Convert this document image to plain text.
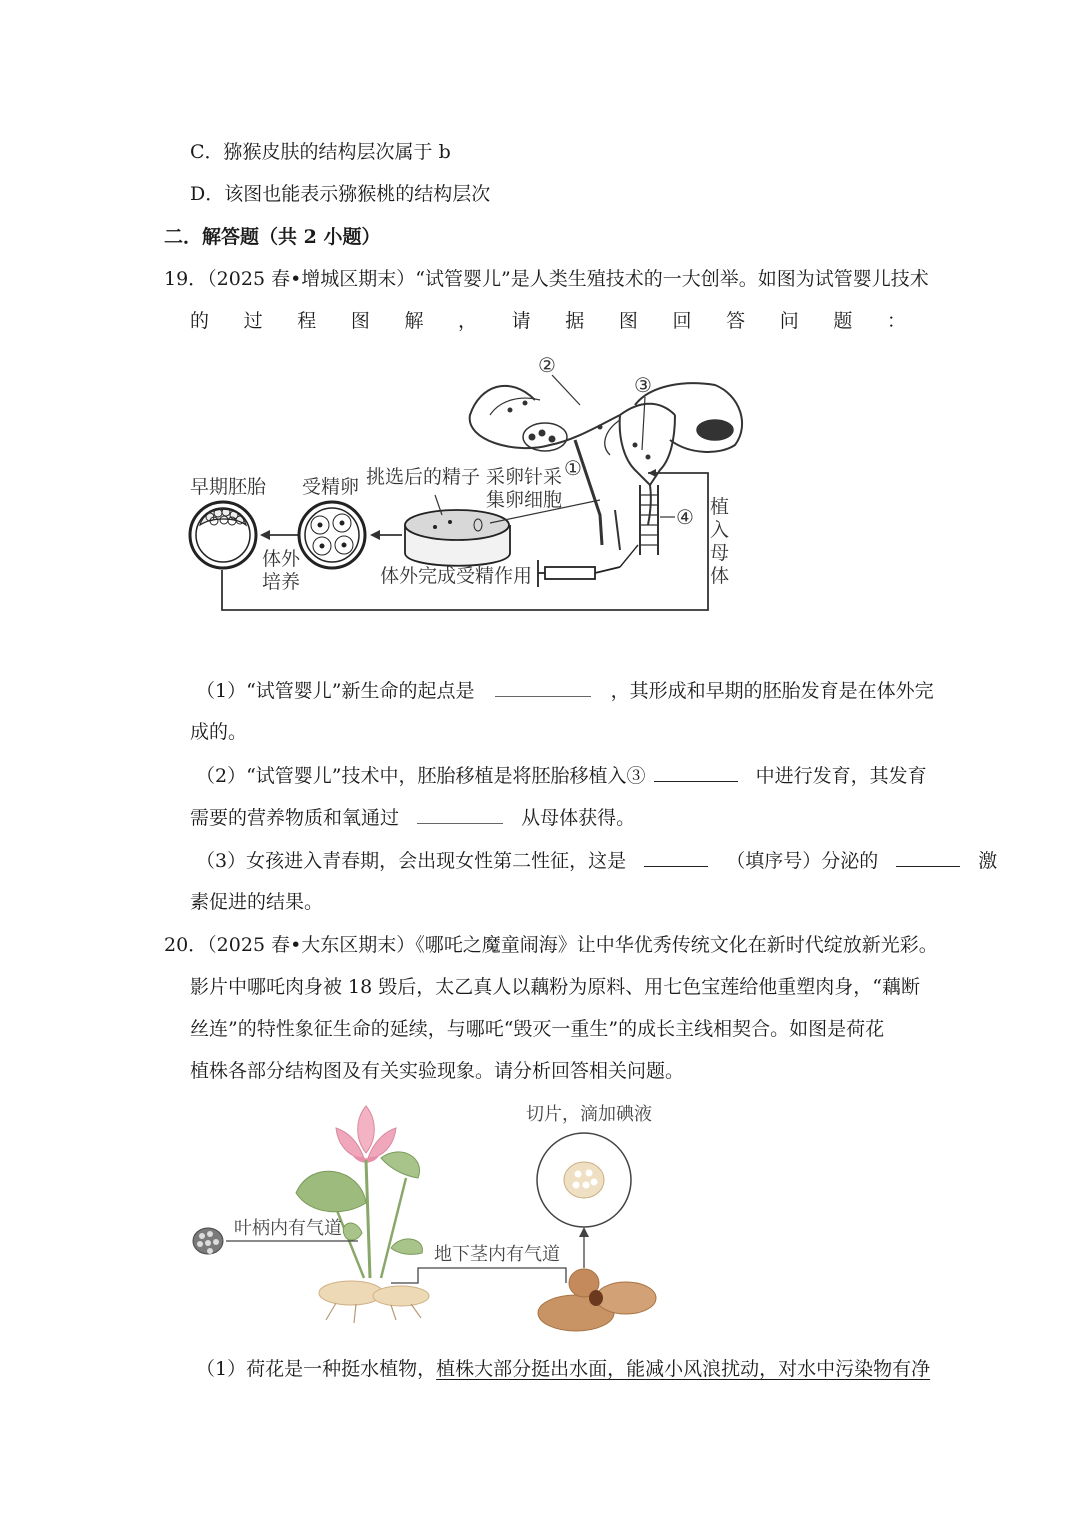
C．猕猴皮肤的结构层次属于 b
D．该图也能表示猕猴桃的结构层次
二．解答题（共 2 小题）
19．（2025 春•增城区期末）“试管婴儿”是人类生殖技术的一大创举。如图为试管婴儿技术
的 过 程 图 解 ， 请 据 图 回 答 问 题 ：
②
③
①
④ 植
入
母
体
早期胚胎 受精卵 挑选后的精子 采卵针采
集卵细胞
体外
培养	体外完成受精作用
（1）“试管婴儿”新生命的起点是	，其形成和早期的胚胎发育是在体外完
成的。
（2）“试管婴儿”技术中，胚胎移植是将胚胎移植入③	中进行发育，其发育
需要的营养物质和氧通过	从母体获得。
（3）女孩进入青春期，会出现女性第二性征，这是	（填序号）分泌的	激
素促进的结果。
20．（2025 春•大东区期末）《哪吒之魔童闹海》让中华优秀传统文化在新时代绽放新光彩。
影片中哪吒肉身被 18 毁后，太乙真人以藕粉为原料、用七色宝莲给他重塑肉身，“藕断
丝连”的特性象征生命的延续，与哪吒“毁灭一重生”的成长主线相契合。如图是荷花
植株各部分结构图及有关实验现象。请分析回答相关问题。
叶柄内有气道
切片，滴加碘液
地下茎内有气道
（1）荷花是一种挺水植物，植株大部分挺出水面，能减小风浪扰动，对水中污染物有净
